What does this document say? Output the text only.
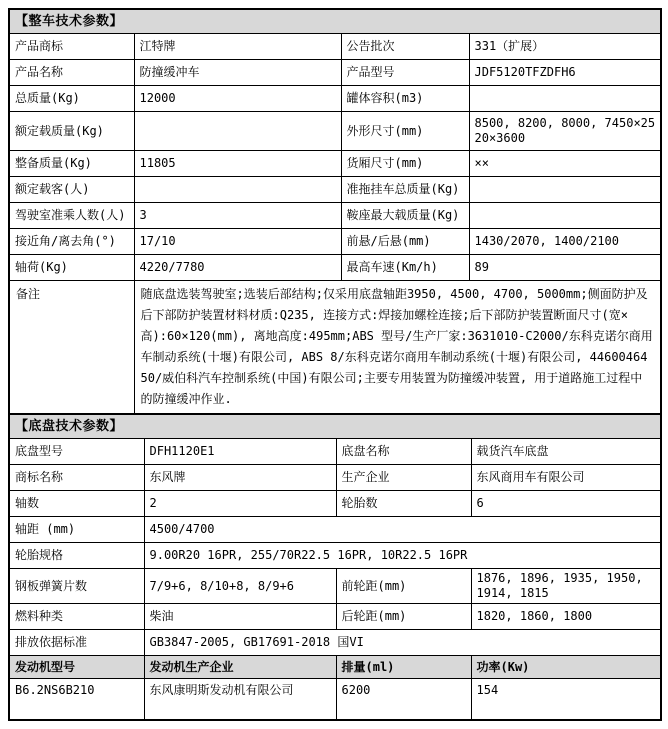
【整车技术参数】			
产品商标	江特牌	公告批次	331（扩展）
产品名称	防撞缓冲车	产品型号	JDF5120TFZDFH6
总质量(Kg)	12000	罐体容积(m3)	
额定载质量(Kg)		外形尺寸(mm)	8500, 8200, 8000, 7450×2520×3600
整备质量(Kg)	11805	货厢尺寸(mm)	××
额定载客(人)		准拖挂车总质量(Kg)	
驾驶室准乘人数(人)	3	鞍座最大载质量(Kg)	
接近角/离去角(°)	17/10	前悬/后悬(mm)	1430/2070, 1400/2100
轴荷(Kg)	4220/7780	最高车速(Km/h)	89
备注	随底盘选装驾驶室;选装后部结构;仅采用底盘轴距3950, 4500, 4700, 5000mm;侧面防护及后下部防护装置材料材质:Q235, 连接方式:焊接加螺栓连接;后下部防护装置断面尺寸(宽×高):60×120(mm), 离地高度:495mm;ABS 型号/生产厂家:3631010-C2000/东科克诺尔商用车制动系统(十堰)有限公司, ABS 8/东科克诺尔商用车制动系统(十堰)有限公司, 4460046450/威伯科汽车控制系统(中国)有限公司;主要专用装置为防撞缓冲装置, 用于道路施工过程中的防撞缓冲作业.		
【底盘技术参数】			
底盘型号	DFH1120E1	底盘名称	载货汽车底盘
商标名称	东风牌	生产企业	东风商用车有限公司
轴数	2	轮胎数	6
轴距 (mm)	4500/4700		
轮胎规格	9.00R20 16PR, 255/70R22.5 16PR, 10R22.5 16PR		
钢板弹簧片数	7/9+6, 8/10+8, 8/9+6	前轮距(mm)	1876, 1896, 1935, 1950, 1914, 1815
燃料种类	柴油	后轮距(mm)	1820, 1860, 1800
排放依据标准	GB3847-2005, GB17691-2018 国VI		
发动机型号	发动机生产企业	排量(ml)	功率(Kw)
B6.2NS6B210	东风康明斯发动机有限公司	6200	154
